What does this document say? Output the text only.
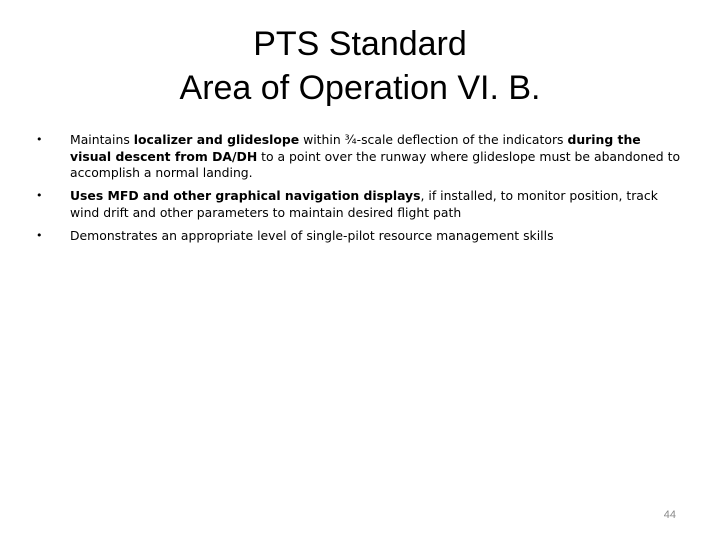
PTS Standard
Area of Operation VI. B.
• Maintains localizer and glideslope within ¾-scale deflection of the indicators during the visual descent from DA/DH to a point over the runway where glideslope must be abandoned to accomplish a normal landing.
• Uses MFD and other graphical navigation displays, if installed, to monitor position, track wind drift and other parameters to maintain desired flight path
• Demonstrates an appropriate level of single-pilot resource management skills
44
